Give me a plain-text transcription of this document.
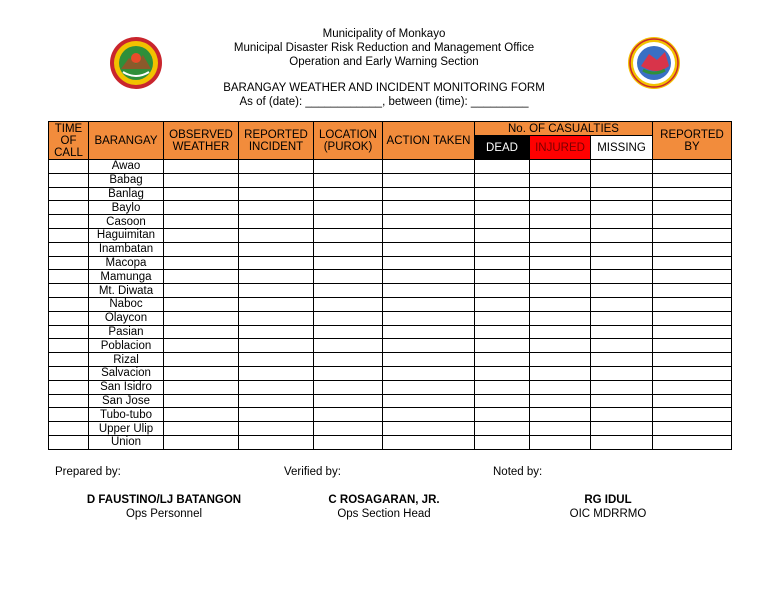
Municipality of Monkayo
Municipal Disaster Risk Reduction and Management Office
Operation and Early Warning Section
BARANGAY WEATHER AND INCIDENT MONITORING FORM
As of (date): ____________, between (time): _________
TIME OF CALL	BARANGAY	OBSERVED WEATHER	REPORTED INCIDENT	LOCATION (PUROK)	ACTION TAKEN	No. OF CASUALTIES			REPORTED BY
						DEAD	INJURED	MISSING	
	Awao								
	Babag								
	Banlag								
	Baylo								
	Casoon								
	Haguimitan								
	Inambatan								
	Macopa								
	Mamunga								
	Mt. Diwata								
	Naboc								
	Olaycon								
	Pasian								
	Poblacion								
	Rizal								
	Salvacion								
	San Isidro								
	San Jose								
	Tubo-tubo								
	Upper Ulip								
	Union								
Prepared by:	Verified by:	Noted by:
D FAUSTINO/LJ BATANGON
Ops Personnel
C ROSAGARAN, JR.
Ops Section Head
RG IDUL
OIC MDRRMO
